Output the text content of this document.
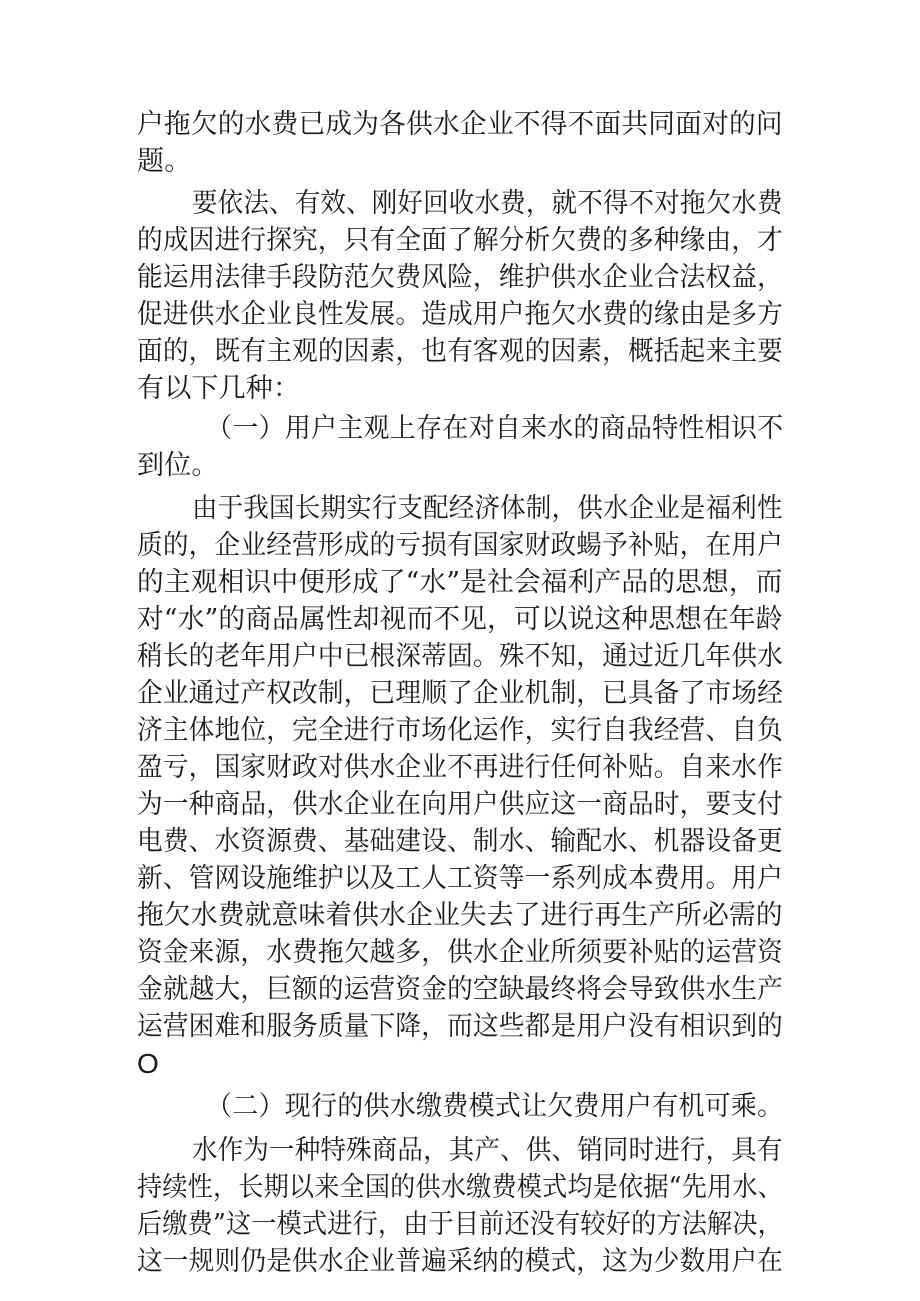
户拖欠的水费已成为各供水企业不得不面共同面对的问
题。
要依法、有效、刚好回收水费，就不得不对拖欠水费
的成因进行探究，只有全面了解分析欠费的多种缘由，才
能运用法律手段防范欠费风险，维护供水企业合法权益，
促进供水企业良性发展。造成用户拖欠水费的缘由是多方
面的，既有主观的因素，也有客观的因素，概括起来主要
有以下几种：
（一）用户主观上存在对自来水的商品特性相识不
到位。
由于我国长期实行支配经济体制，供水企业是福利性
质的，企业经营形成的亏损有国家财政蝪予补贴，在用户
的主观相识中便形成了“水”是社会福利产品的思想，而
对“水”的商品属性却视而不见，可以说这种思想在年龄
稍长的老年用户中已根深蒂固。殊不知，通过近几年供水
企业通过产权改制，已理顺了企业机制，已具备了市场经
济主体地位，完全进行市场化运作，实行自我经营、自负
盈亏，国家财政对供水企业不再进行任何补贴。自来水作
为一种商品，供水企业在向用户供应这一商品时，要支付
电费、水资源费、基础建设、制水、输配水、机器设备更
新、管网设施维护以及工人工资等一系列成本费用。用户
拖欠水费就意味着供水企业失去了进行再生产所必需的
资金来源，水费拖欠越多，供水企业所须要补贴的运营资
金就越大，巨额的运营资金的空缺最终将会导致供水生产
运营困难和服务质量下降，而这些都是用户没有相识到的
O
（二）现行的供水缴费模式让欠费用户有机可乘。
水作为一种特殊商品，其产、供、销同时进行，具有
持续性，长期以来全国的供水缴费模式均是依据“先用水、
后缴费”这一模式进行，由于目前还没有较好的方法解决，
这一规则仍是供水企业普遍采纳的模式，这为少数用户在
